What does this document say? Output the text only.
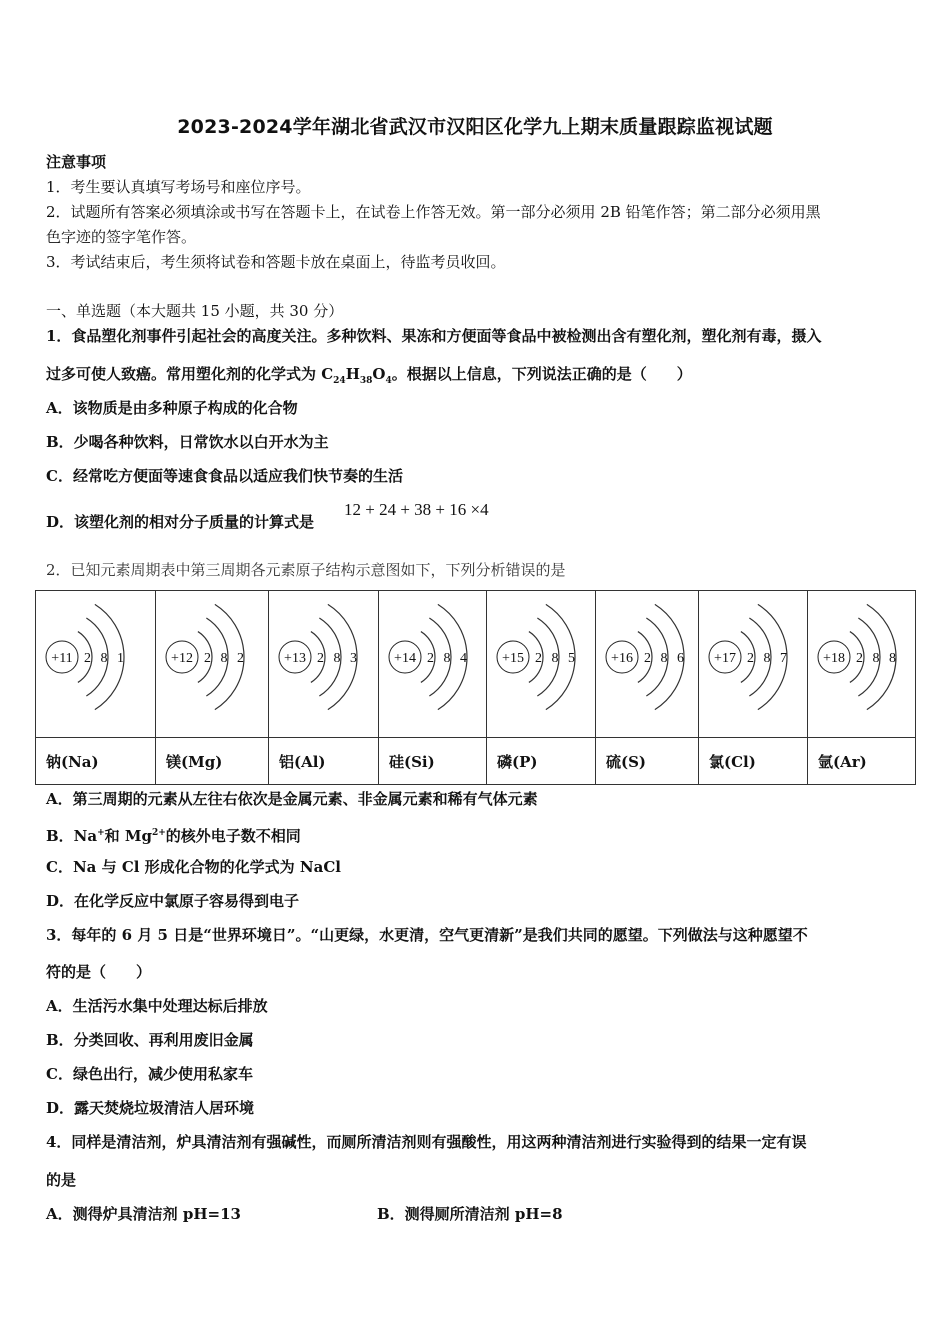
2023-2024学年湖北省武汉市汉阳区化学九上期末质量跟踪监视试题
注意事项
1．考生要认真填写考场号和座位序号。
2．试题所有答案必须填涂或书写在答题卡上，在试卷上作答无效。第一部分必须用 2B 铅笔作答；第二部分必须用黑
色字迹的签字笔作答。
3．考试结束后，考生须将试卷和答题卡放在桌面上，待监考员收回。
一、单选题（本大题共 15 小题，共 30 分）
1．食品塑化剂事件引起社会的高度关注。多种饮料、果冻和方便面等食品中被检测出含有塑化剂，塑化剂有毒，摄入
过多可使人致癌。常用塑化剂的化学式为 $C_{24}H_{38}O_4$。根据以上信息，下列说法正确的是（　　）
A．该物质是由多种原子构成的化合物
B．少喝各种饮料，日常饮水以白开水为主
C．经常吃方便面等速食食品以适应我们快节奏的生活
D．该塑化剂的相对分子质量的计算式是
12 + 24 + 38 + 16 ×4
2．已知元素周期表中第三周期各元素原子结构示意图如下，下列分析错误的是
+11 2 8 1	+12 2 8 2	+13 2 8 3	+14 2 8 4	+15 2 8 5	+16 2 8 6	+17 2 8 7	+18 2 8 8

钠(Na)	镁(Mg)	铝(Al)	硅(Si)	磷(P)	硫(S)	氯(Cl)	氩(Ar)
A．第三周期的元素从左往右依次是金属元素、非金属元素和稀有气体元素
B．Na+和 $Mg^{2+}$的核外电子数不相同
C．Na 与 Cl 形成化合物的化学式为 NaCl
D．在化学反应中氯原子容易得到电子
3．每年的 6 月 5 日是“世界环境日”。“山更绿，水更清，空气更清新”是我们共同的愿望。下列做法与这种愿望不
符的是（　　）
A．生活污水集中处理达标后排放
B．分类回收、再利用废旧金属
C．绿色出行，减少使用私家车
D．露天焚烧垃圾清洁人居环境
4．同样是清洁剂，炉具清洁剂有强碱性，而厕所清洁剂则有强酸性，用这两种清洁剂进行实验得到的结果一定有误
的是
A．测得炉具清洁剂 pH=13	B．测得厕所清洁剂 pH=8
